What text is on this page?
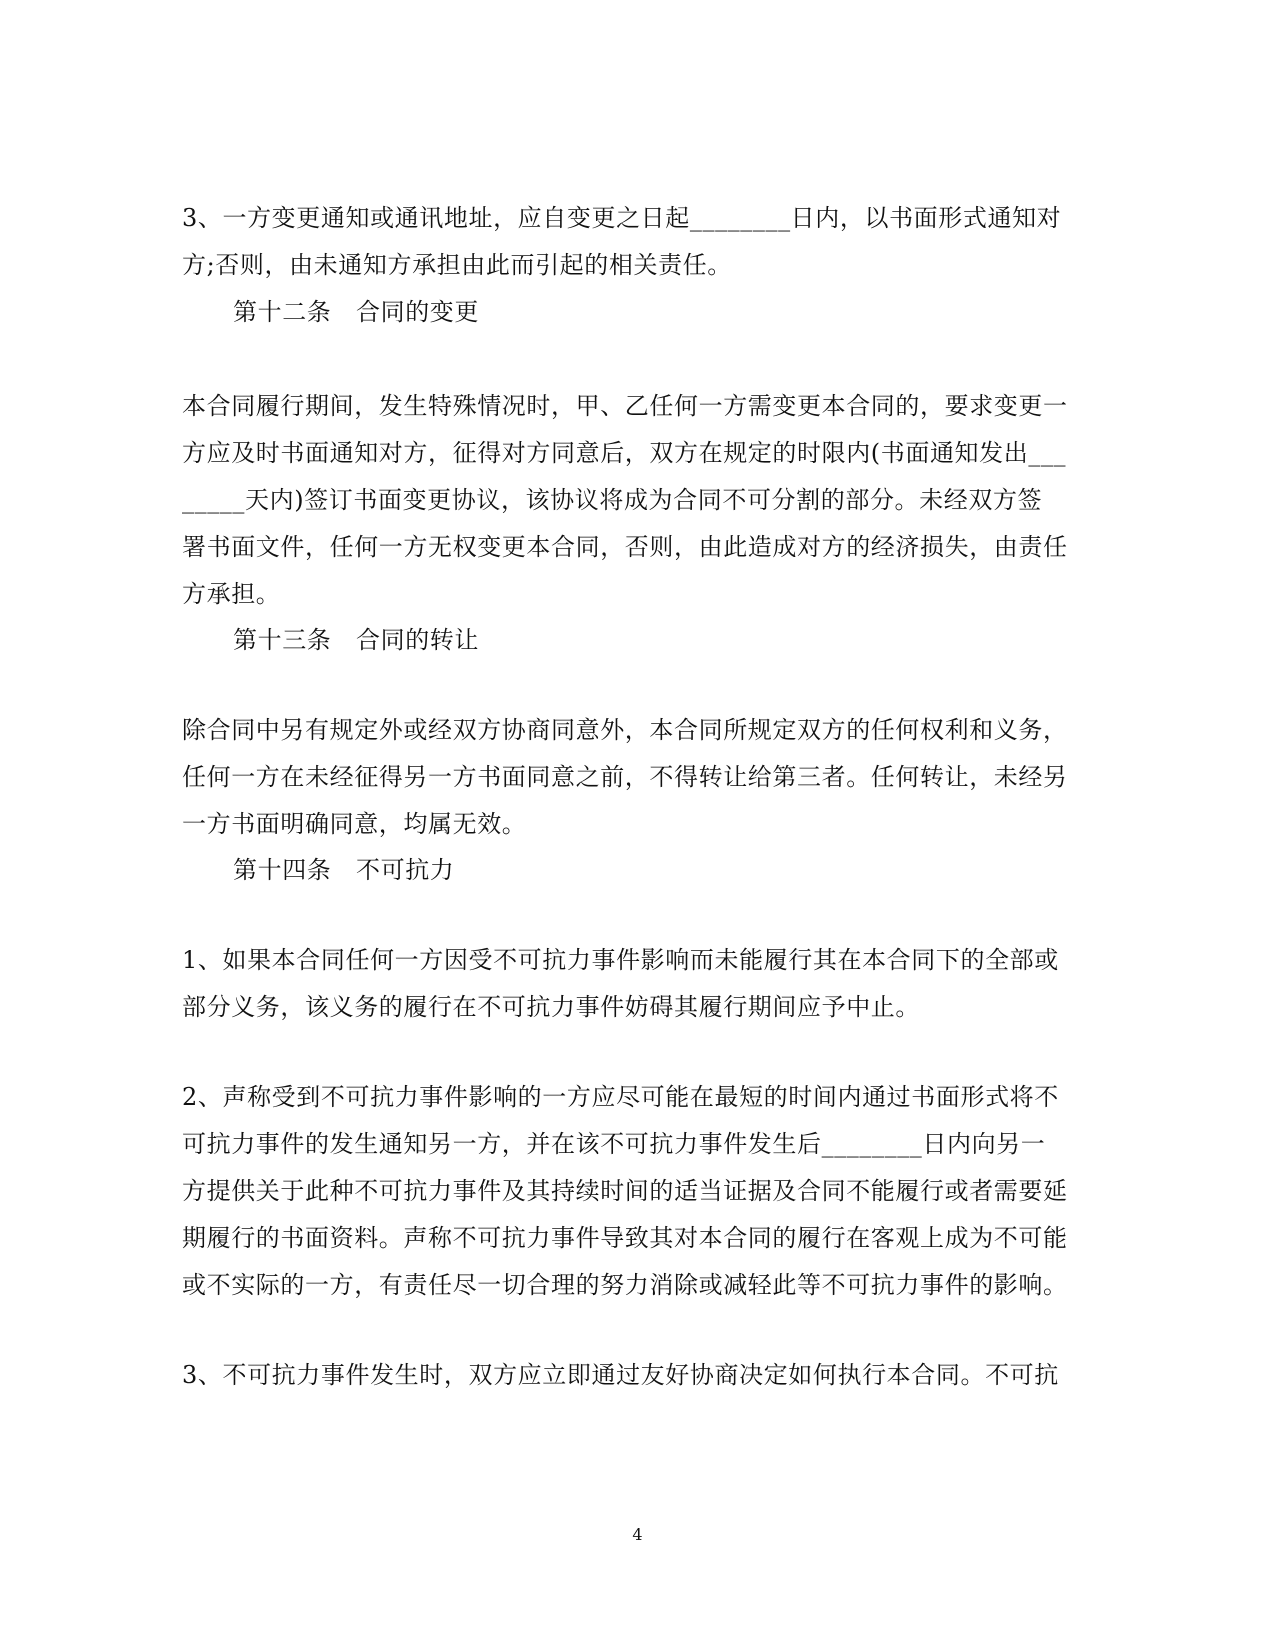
3、一方变更通知或通讯地址，应自变更之日起________日内，以书面形式通知对
方;否则，由未通知方承担由此而引起的相关责任。
第十二条　合同的变更
本合同履行期间，发生特殊情况时，甲、乙任何一方需变更本合同的，要求变更一
方应及时书面通知对方，征得对方同意后，双方在规定的时限内(书面通知发出___
_____天内)签订书面变更协议，该协议将成为合同不可分割的部分。未经双方签
署书面文件，任何一方无权变更本合同，否则，由此造成对方的经济损失，由责任
方承担。
第十三条　合同的转让
除合同中另有规定外或经双方协商同意外，本合同所规定双方的任何权利和义务，
任何一方在未经征得另一方书面同意之前，不得转让给第三者。任何转让，未经另
一方书面明确同意，均属无效。
第十四条　不可抗力
1、如果本合同任何一方因受不可抗力事件影响而未能履行其在本合同下的全部或
部分义务，该义务的履行在不可抗力事件妨碍其履行期间应予中止。
2、声称受到不可抗力事件影响的一方应尽可能在最短的时间内通过书面形式将不
可抗力事件的发生通知另一方，并在该不可抗力事件发生后________日内向另一
方提供关于此种不可抗力事件及其持续时间的适当证据及合同不能履行或者需要延
期履行的书面资料。声称不可抗力事件导致其对本合同的履行在客观上成为不可能
或不实际的一方，有责任尽一切合理的努力消除或减轻此等不可抗力事件的影响。
3、不可抗力事件发生时，双方应立即通过友好协商决定如何执行本合同。不可抗
4
